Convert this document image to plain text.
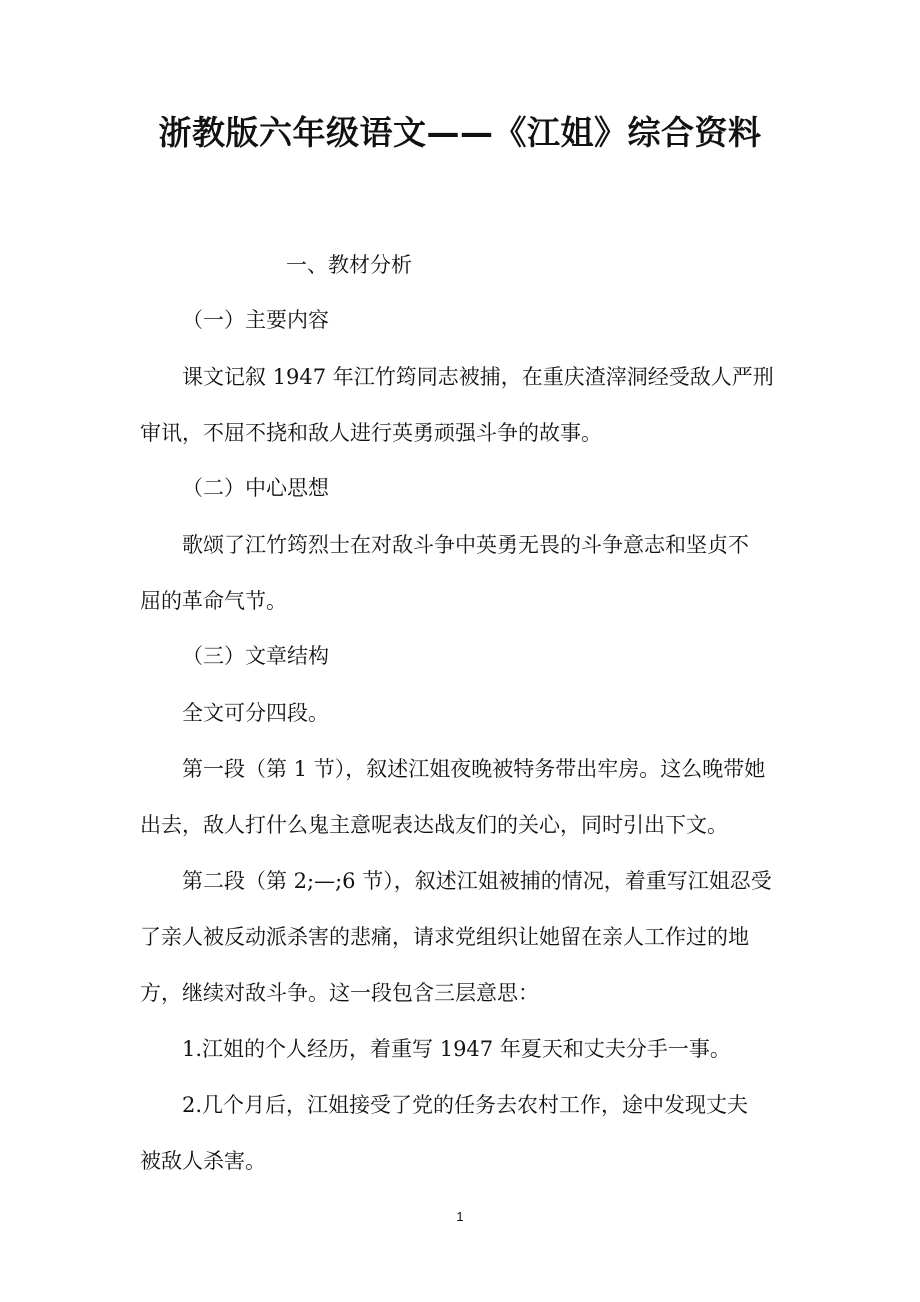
浙教版六年级语文——《江姐》综合资料
一、教材分析
（一）主要内容
课文记叙 1947 年江竹筠同志被捕，在重庆渣滓洞经受敌人严刑
审讯，不屈不挠和敌人进行英勇顽强斗争的故事。
（二）中心思想
歌颂了江竹筠烈士在对敌斗争中英勇无畏的斗争意志和坚贞不
屈的革命气节。
（三）文章结构
全文可分四段。
第一段（第 1 节），叙述江姐夜晚被特务带出牢房。这么晚带她
出去，敌人打什么鬼主意呢表达战友们的关心，同时引出下文。
第二段（第 2;—;6 节），叙述江姐被捕的情况，着重写江姐忍受
了亲人被反动派杀害的悲痛，请求党组织让她留在亲人工作过的地
方，继续对敌斗争。这一段包含三层意思：
1.江姐的个人经历，着重写 1947 年夏天和丈夫分手一事。
2.几个月后，江姐接受了党的任务去农村工作，途中发现丈夫
被敌人杀害。
1
